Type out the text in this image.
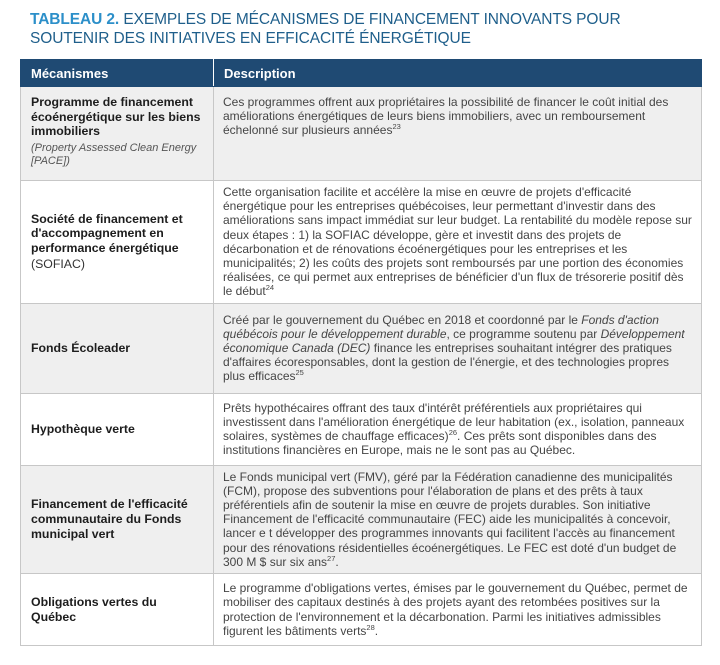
TABLEAU 2. EXEMPLES DE MÉCANISMES DE FINANCEMENT INNOVANTS POUR SOUTENIR DES INITIATIVES EN EFFICACITÉ ÉNERGÉTIQUE
Mécanismes	Description
Programme de financement écoénergétique sur les biens immobiliers
(Property Assessed Clean Energy [PACE])	Ces programmes offrent aux propriétaires la possibilité de financer le coût initial des améliorations énergétiques de leurs biens immobiliers, avec un remboursement échelonné sur plusieurs années$^{23}$
Société de financement et d'accompagnement en performance énergétique
(SOFIAC)	Cette organisation facilite et accélère la mise en œuvre de projets d'efficacité énergétique pour les entreprises québécoises, leur permettant d'investir dans des améliorations sans impact immédiat sur leur budget. La rentabilité du modèle repose sur deux étapes : 1) la SOFIAC développe, gère et investit dans des projets de décarbonation et de rénovations écoénergétiques pour les entreprises et les municipalités; 2) les coûts des projets sont remboursés par une portion des économies réalisées, ce qui permet aux entreprises de bénéficier d'un flux de trésorerie positif dès le début$^{24}$
Fonds Écoleader	Créé par le gouvernement du Québec en 2018 et coordonné par le Fonds d'action québécois pour le développement durable, ce programme soutenu par Développement économique Canada (DEC) finance les entreprises souhaitant intégrer des pratiques d'affaires écoresponsables, dont la gestion de l'énergie, et des technologies propres plus efficaces$^{25}$
Hypothèque verte	Prêts hypothécaires offrant des taux d'intérêt préférentiels aux propriétaires qui investissent dans l'amélioration énergétique de leur habitation (ex., isolation, panneaux solaires, systèmes de chauffage efficaces)$^{26}$. Ces prêts sont disponibles dans des institutions financières en Europe, mais ne le sont pas au Québec.
Financement de l'efficacité communautaire du Fonds municipal vert	Le Fonds municipal vert (FMV), géré par la Fédération canadienne des municipalités (FCM), propose des subventions pour l'élaboration de plans et des prêts à taux préférentiels afin de soutenir la mise en œuvre de projets durables. Son initiative Financement de l'efficacité communautaire (FEC) aide les municipalités à concevoir, lancer e t développer des programmes innovants qui facilitent l'accès au financement pour des rénovations résidentielles écoénergétiques. Le FEC est doté d'un budget de 300 M $ sur six ans$^{27}$.
Obligations vertes du Québec	Le programme d'obligations vertes, émises par le gouvernement du Québec, permet de mobiliser des capitaux destinés à des projets ayant des retombées positives sur la protection de l'environnement et la décarbonation. Parmi les initiatives admissibles figurent les bâtiments verts$^{28}$.
